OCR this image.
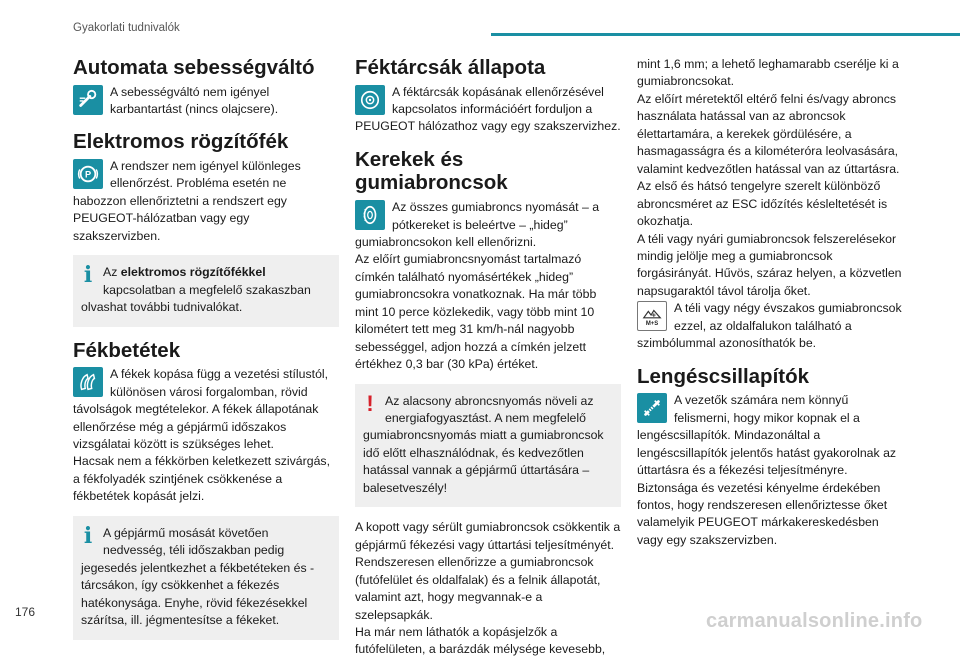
Gyakorlati tudnivalók
Automata sebességváltó

A sebességváltó nem igényel karbantartást (nincs olajcsere).

Elektromos rögzítőfék

P
A rendszer nem igényel különleges ellenőrzést. Probléma esetén ne habozzon ellenőriztetni a rendszert egy PEUGEOT-hálózatban vagy egy szakszervizben.

i Az elektromos rögzítőfékkel kapcsolatban a megfelelő szakaszban olvashat további tudnivalókat.
Fékbetétek

A fékek kopása függ a vezetési stílustól, különösen városi forgalomban, rövid távolságok megtételekor. A fékek állapotának ellenőrzése még a gépjármű időszakos vizsgálatai között is szükséges lehet.

Hacsak nem a fékkörben keletkezett szivárgás, a fékfolyadék szintjének csökkenése a fékbetétek kopását jelzi.

i A gépjármű mosását követően nedvesség, téli időszakban pedig jegesedés jelentkezhet a fékbetéteken és -tárcsákon, így csökkenhet a fékezés hatékonysága. Enyhe, rövid fékezésekkel szárítsa, ill. jégmentesítse a fékeket.
Féktárcsák állapota

A féktárcsák kopásának ellenőrzésével kapcsolatos információért forduljon a PEUGEOT hálózathoz vagy egy szakszervizhez.

Kerekek és gumiabroncsok

Az összes gumiabroncs nyomását – a pótkereket is beleértve – „hideg” gumiabroncsokon kell ellenőrizni.

Az előírt gumiabroncsnyomást tartalmazó címkén található nyomásértékek „hideg” gumiabroncsokra vonatkoznak. Ha már több mint 10 perce közlekedik, vagy több mint 10 kilométert tett meg 31 km/h-nál nagyobb sebességgel, adjon hozzá a címkén jelzett értékhez 0,3 bar (30 kPa) értéket.

! Az alacsony abroncsnyomás növeli az energiafogyasztást. A nem megfelelő gumiabroncsnyomás miatt a gumiabroncsok idő előtt elhasználódnak, és kedvezőtlen hatással vannak a gépjármű úttartására – balesetveszély!

A kopott vagy sérült gumiabroncsok csökkentik a gépjármű fékezési vagy úttartási teljesítményét. Rendszeresen ellenőrizze a gumiabroncsok (futófelület és oldalfalak) és a felnik állapotát, valamint azt, hogy megvannak-e a szelepsapkák.

Ha már nem láthatók a kopásjelzők a futófelületen, a barázdák mélysége kevesebb,

mint 1,6 mm; a lehető leghamarabb cserélje ki a gumiabroncsokat.

Az előírt méretektől eltérő felni és/vagy abroncs használata hatással van az abroncsok élettartamára, a kerekek gördülésére, a hasmagasságra és a kilométeróra leolvasására, valamint kedvezőtlen hatással van az úttartásra. Az első és hátsó tengelyre szerelt különböző abroncsméret az ESC időzítés késleltetését is okozhatja.

A téli vagy nyári gumiabroncsok felszerelésekor mindig jelölje meg a gumiabroncsok forgásirányát. Hűvös, száraz helyen, a közvetlen napsugaraktól távol tárolja őket.

M+S
A téli vagy négy évszakos gumiabroncsok ezzel, az oldalfalukon található a szimbólummal azonosíthatók be.

Lengéscsillapítók

A vezetők számára nem könnyű felismerni, hogy mikor kopnak el a lengéscsillapítók. Mindazonáltal a lengéscsillapítók jelentős hatást gyakorolnak az úttartásra és a fékezési teljesítményre.

Biztonsága és vezetési kényelme érdekében fontos, hogy rendszeresen ellenőriztesse őket valamelyik PEUGEOT márkakereskedésben vagy egy szakszervizben.

176	carmanualsonline.info
